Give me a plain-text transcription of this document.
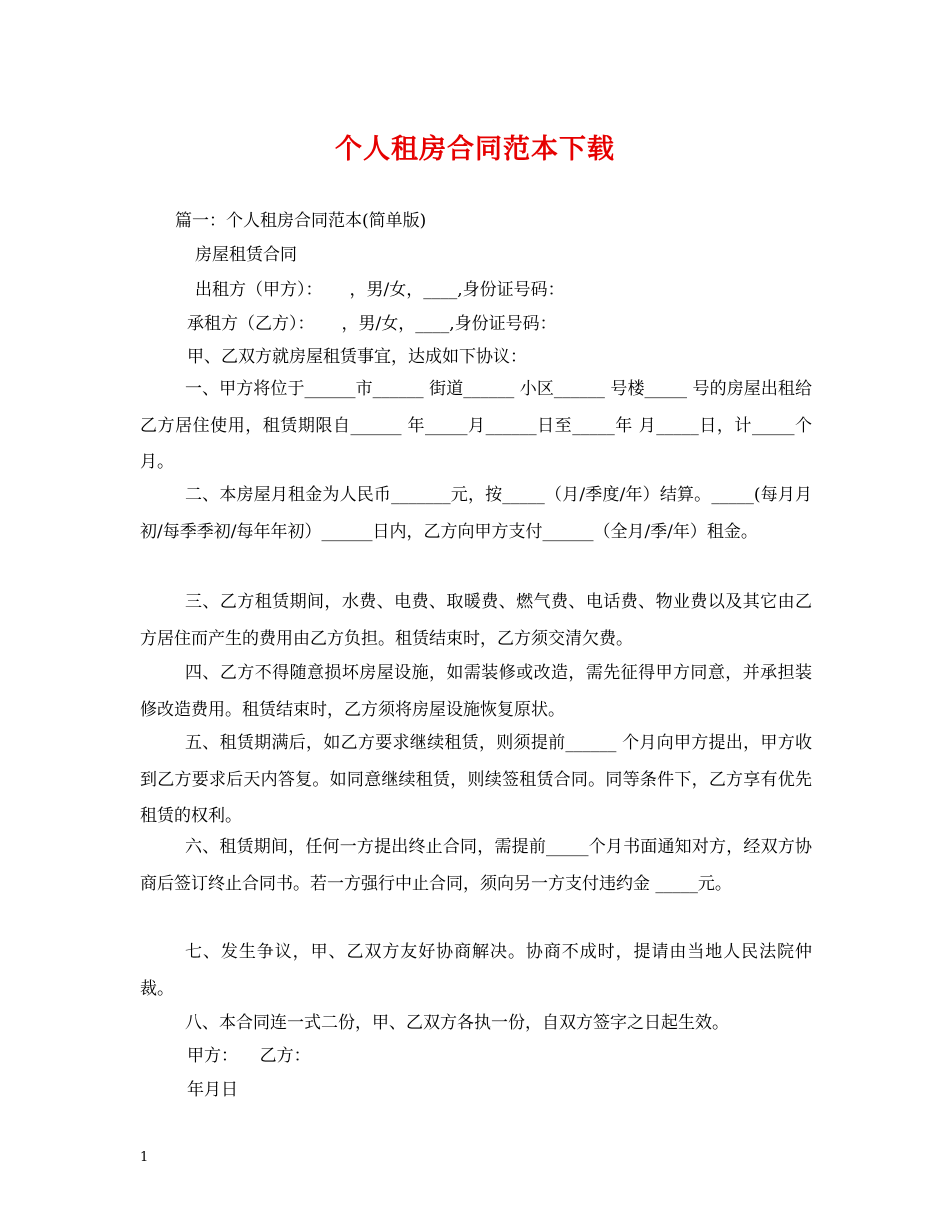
个人租房合同范本下载
篇一：个人租房合同范本(简单版)
房屋租赁合同
出租方（甲方）：     ，男/女，____,身份证号码：
承租方（乙方）：     ，男/女，____,身份证号码：
甲、乙双方就房屋租赁事宜，达成如下协议：
一、甲方将位于______市______ 街道______ 小区______ 号楼_____ 号的房屋出租给乙方居住使用，租赁期限自______ 年_____月______日至_____年 月_____日，计_____个月。
二、本房屋月租金为人民币_______元，按_____（月/季度/年）结算。_____(每月月初/每季季初/每年年初）______日内，乙方向甲方支付______（全月/季/年）租金。
三、乙方租赁期间，水费、电费、取暖费、燃气费、电话费、物业费以及其它由乙方居住而产生的费用由乙方负担。租赁结束时，乙方须交清欠费。
四、乙方不得随意损坏房屋设施，如需装修或改造，需先征得甲方同意，并承担装修改造费用。租赁结束时，乙方须将房屋设施恢复原状。
五、租赁期满后，如乙方要求继续租赁，则须提前______ 个月向甲方提出，甲方收到乙方要求后天内答复。如同意继续租赁，则续签租赁合同。同等条件下，乙方享有优先租赁的权利。
六、租赁期间，任何一方提出终止合同，需提前_____个月书面通知对方，经双方协商后签订终止合同书。若一方强行中止合同，须向另一方支付违约金 _____元。
七、发生争议，甲、乙双方友好协商解决。协商不成时，提请由当地人民法院仲裁。
八、本合同连一式二份，甲、乙双方各执一份，自双方签字之日起生效。
甲方：    乙方：
年月日
1
